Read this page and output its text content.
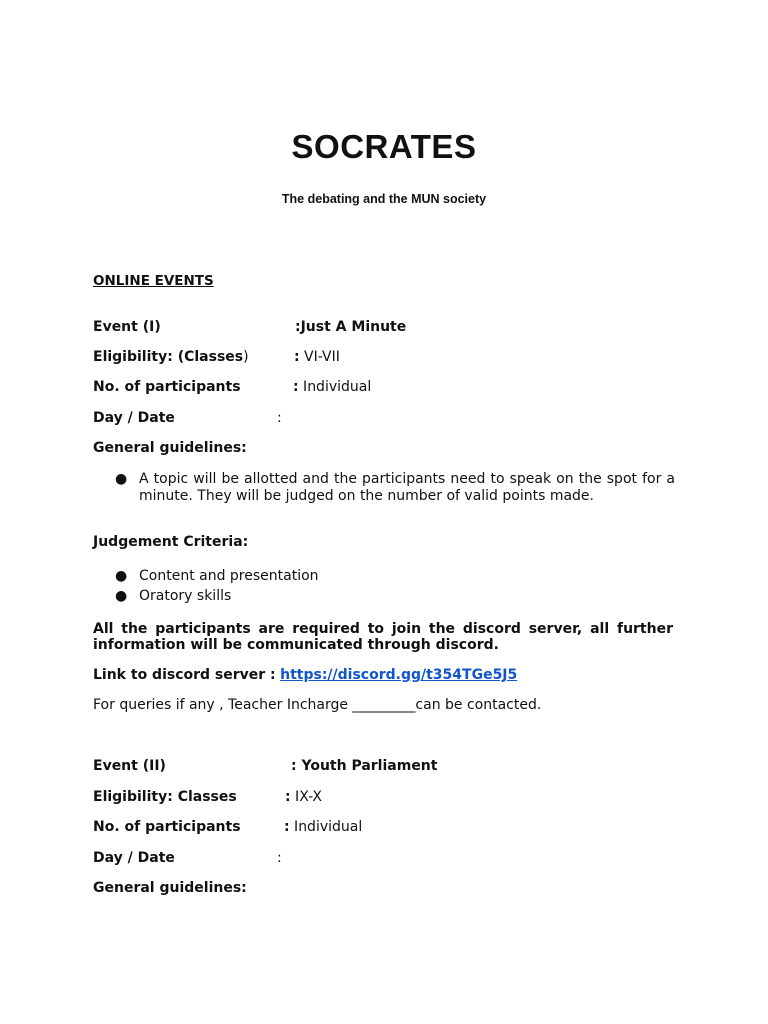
SOCRATES
The debating and the MUN society
ONLINE EVENTS
Event (I)	:Just A Minute
Eligibility: (Classes)	: VI-VII
No. of participants	: Individual
Day / Date	:
General guidelines:
● A topic will be allotted and the participants need to speak on the spot for a minute. They will be judged on the number of valid points made.
Judgement Criteria:
● Content and presentation
● Oratory skills
All the participants are required to join the discord server, all further information will be communicated through discord.
Link to discord server : https://discord.gg/t354TGe5J5
For queries if any , Teacher Incharge _________can be contacted.
Event (II)	: Youth Parliament
Eligibility: Classes	: IX-X
No. of participants	: Individual
Day / Date	:
General guidelines:
